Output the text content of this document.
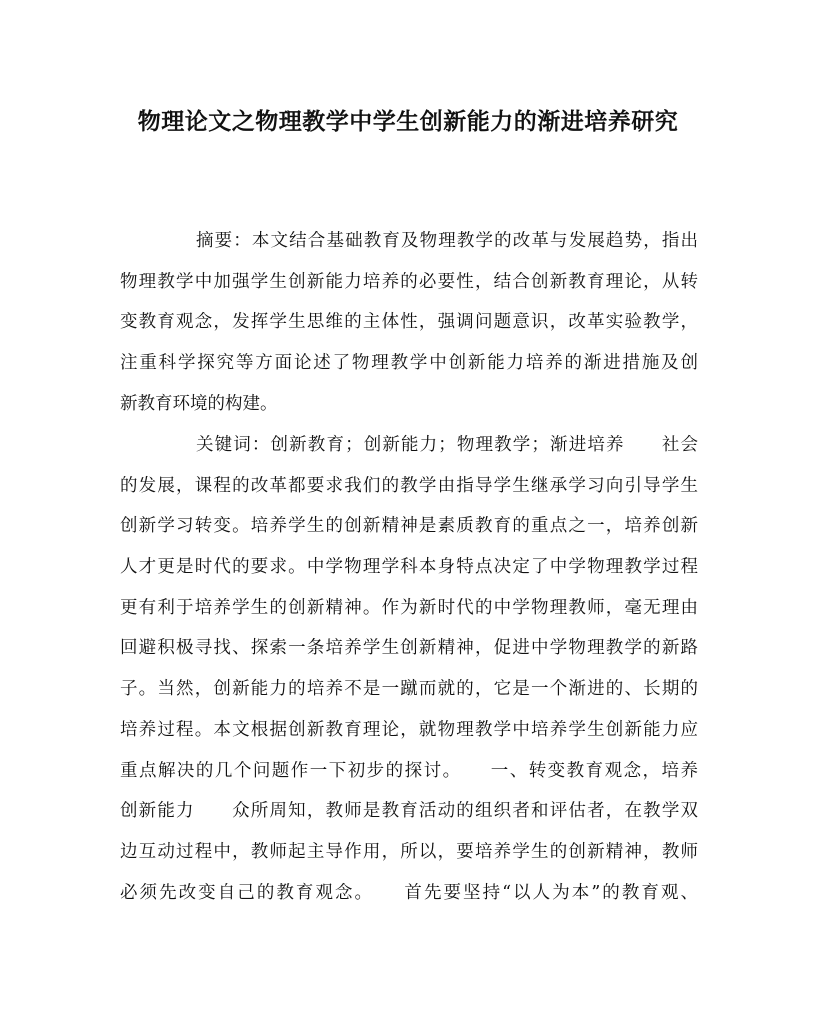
物理论文之物理教学中学生创新能力的渐进培养研究
摘要：本文结合基础教育及物理教学的改革与发展趋势，指出
物理教学中加强学生创新能力培养的必要性，结合创新教育理论，从转
变教育观念，发挥学生思维的主体性，强调问题意识，改革实验教学，
注重科学探究等方面论述了物理教学中创新能力培养的渐进措施及创
新教育环境的构建。
关键词：创新教育；创新能力；物理教学；渐进培养　　社会
的发展，课程的改革都要求我们的教学由指导学生继承学习向引导学生
创新学习转变。培养学生的创新精神是素质教育的重点之一，培养创新
人才更是时代的要求。中学物理学科本身特点决定了中学物理教学过程
更有利于培养学生的创新精神。作为新时代的中学物理教师，毫无理由
回避积极寻找、探索一条培养学生创新精神，促进中学物理教学的新路
子。当然，创新能力的培养不是一蹴而就的，它是一个渐进的、长期的
培养过程。本文根据创新教育理论，就物理教学中培养学生创新能力应
重点解决的几个问题作一下初步的探讨。　　一、转变教育观念，培养
创新能力　　众所周知，教师是教育活动的组织者和评估者，在教学双
边互动过程中，教师起主导作用，所以，要培养学生的创新精神，教师
必须先改变自己的教育观念。　　首先要坚持“以人为本”的教育观、
